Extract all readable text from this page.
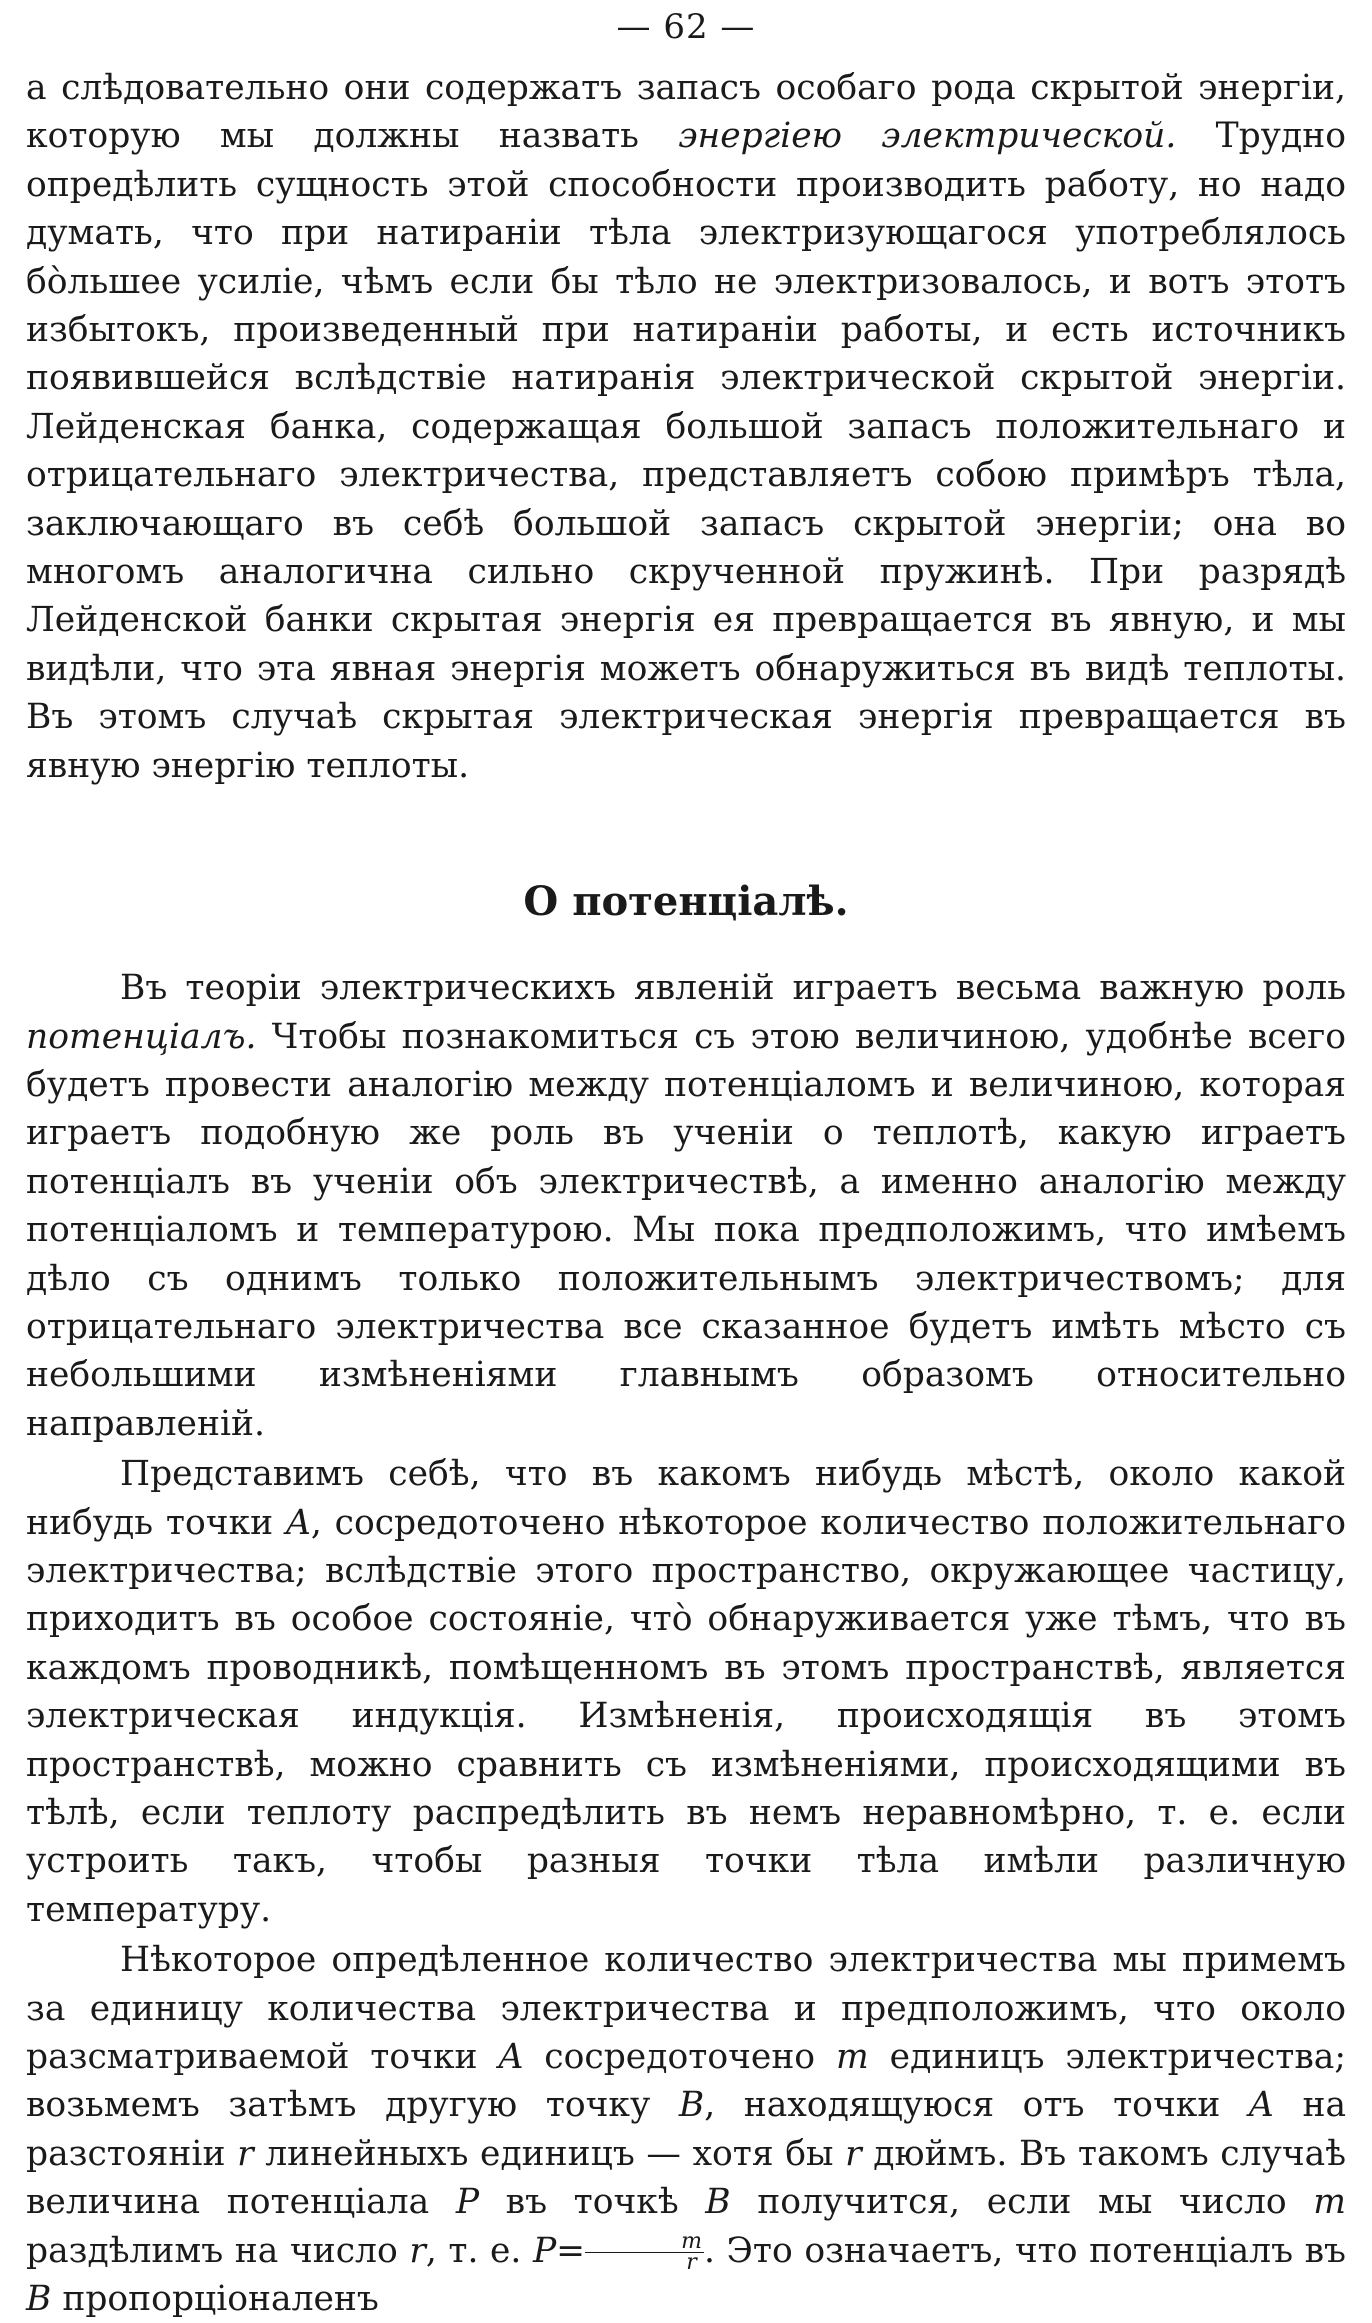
— 62 —

а слѣдовательно они содержатъ запасъ особаго рода скрытой энергіи, которую мы должны назвать энергіею электрической. Трудно опредѣлить сущность этой способности производить работу, но надо думать, что при натираніи тѣла электризующагося употреблялось бо̀льшее усиліе, чѣмъ если бы тѣло не электризовалось, и вотъ этотъ избытокъ, произведенный при натираніи работы, и есть источникъ появившейся вслѣдствіе натиранія электрической скрытой энергіи. Лейденская банка, содержащая большой запасъ положительнаго и отрицательнаго электричества, представляетъ собою примѣръ тѣла, заключающаго въ себѣ большой запасъ скрытой энергіи; она во многомъ аналогична сильно скрученной пружинѣ. При разрядѣ Лейденской банки скрытая энергія ея превращается въ явную, и мы видѣли, что эта явная энергія можетъ обнаружиться въ видѣ теплоты. Въ этомъ случаѣ скрытая электрическая энергія превращается въ явную энергію теплоты.

О потенціалѣ.

Въ теоріи электрическихъ явленій играетъ весьма важную роль потенціалъ. Чтобы познакомиться съ этою величиною, удобнѣе всего будетъ провести аналогію между потенціаломъ и величиною, которая играетъ подобную же роль въ ученіи о теплотѣ, какую играетъ потенціалъ въ ученіи объ электричествѣ, а именно аналогію между потенціаломъ и температурою. Мы пока предположимъ, что имѣемъ дѣло съ однимъ только положительнымъ электричествомъ; для отрицательнаго электричества все сказанное будетъ имѣть мѣсто съ небольшими измѣненіями главнымъ образомъ относительно направленій.

Представимъ себѣ, что въ какомъ нибудь мѣстѣ, около какой нибудь точки A, сосредоточено нѣкоторое количество положительнаго электричества; вслѣдствіе этого пространство, окружающее частицу, приходитъ въ особое состояніе, что̀ обнаруживается уже тѣмъ, что въ каждомъ проводникѣ, помѣщенномъ въ этомъ пространствѣ, является электрическая индукція. Измѣненія, происходящія въ этомъ пространствѣ, можно сравнить съ измѣненіями, происходящими въ тѣлѣ, если теплоту распредѣлить въ немъ неравномѣрно, т. е. если устроить такъ, чтобы разныя точки тѣла имѣли различную температуру.

Нѣкоторое опредѣленное количество электричества мы примемъ за единицу количества электричества и предположимъ, что около разсматриваемой точки A сосредоточено m единицъ электричества; возьмемъ затѣмъ другую точку B, находящуюся отъ точки A на разстояніи r линейныхъ единицъ — хотя бы r дюймъ. Въ такомъ случаѣ величина потенціала P въ точкѣ B получится, если мы число m раздѣлимъ на число r, т. е. $P= \frac{m}{r}$ . Это означаетъ, что потенціалъ въ B пропорціоналенъ
